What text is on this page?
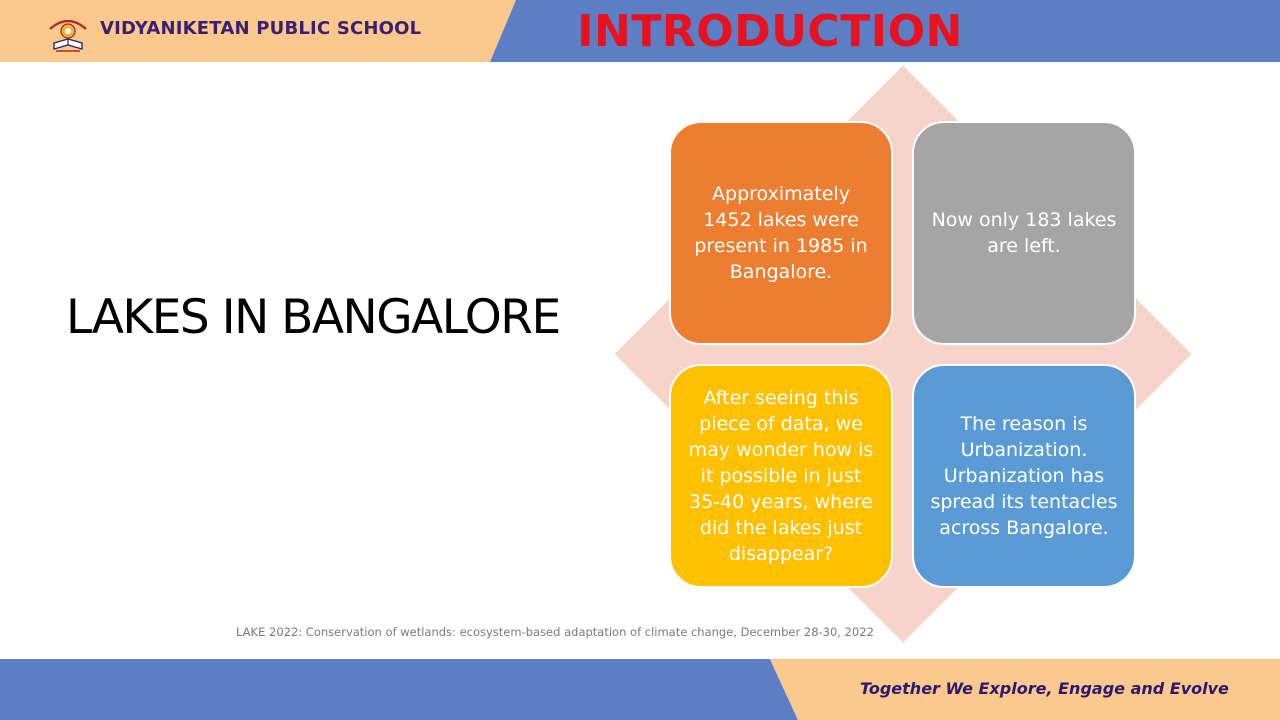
VIDYANIKETAN PUBLIC SCHOOL	INTRODUCTION
LAKES IN BANGALORE
Approximately 1452 lakes were present in 1985 in Bangalore.
Now only 183 lakes are left.
After seeing this piece of data, we may wonder how is it possible in just 35-40 years, where did the lakes just disappear?
The reason is Urbanization. Urbanization has spread its tentacles across Bangalore.
LAKE 2022: Conservation of wetlands: ecosystem-based adaptation of climate change, December 28-30, 2022
Together We Explore, Engage and Evolve
